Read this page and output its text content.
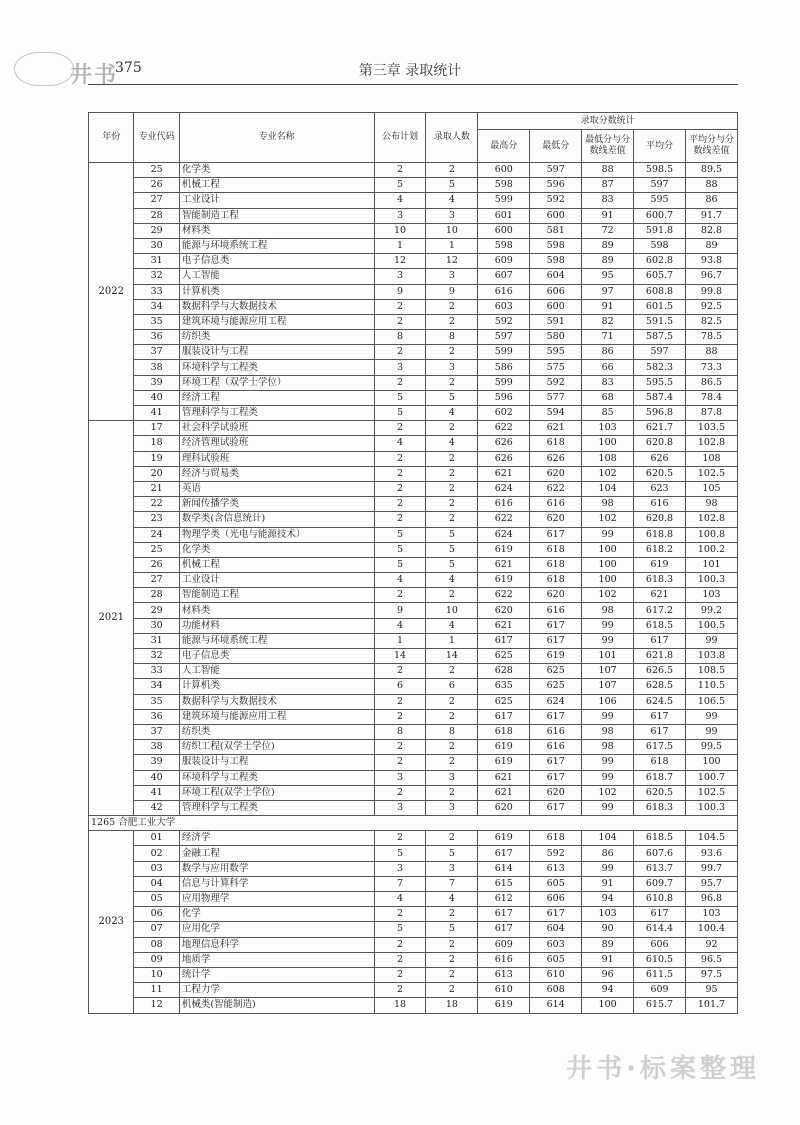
井书
375	第三章 录取统计
年份	专业代码	专业名称	公布计划	录取人数	录取分数统计				
					最高分	最低分	最低分与分数线差值	平均分	平均分与分数线差值
2022	25	化学类	2	2	600	597	88	598.5	89.5
	26	机械工程	5	5	598	596	87	597	88
	27	工业设计	4	4	599	592	83	595	86
	28	智能制造工程	3	3	601	600	91	600.7	91.7
	29	材料类	10	10	600	581	72	591.8	82.8
	30	能源与环境系统工程	1	1	598	598	89	598	89
	31	电子信息类	12	12	609	598	89	602.8	93.8
	32	人工智能	3	3	607	604	95	605.7	96.7
	33	计算机类	9	9	616	606	97	608.8	99.8
	34	数据科学与大数据技术	2	2	603	600	91	601.5	92.5
	35	建筑环境与能源应用工程	2	2	592	591	82	591.5	82.5
	36	纺织类	8	8	597	580	71	587.5	78.5
	37	服装设计与工程	2	2	599	595	86	597	88
	38	环境科学与工程类	3	3	586	575	66	582.3	73.3
	39	环境工程（双学士学位）	2	2	599	592	83	595.5	86.5
	40	经济工程	5	5	596	577	68	587.4	78.4
	41	管理科学与工程类	5	4	602	594	85	596.8	87.8
2021	17	社会科学试验班	2	2	622	621	103	621.7	103.5
	18	经济管理试验班	4	4	626	618	100	620.8	102.8
	19	理科试验班	2	2	626	626	108	626	108
	20	经济与贸易类	2	2	621	620	102	620.5	102.5
	21	英语	2	2	624	622	104	623	105
	22	新闻传播学类	2	2	616	616	98	616	98
	23	数学类(含信息统计)	2	2	622	620	102	620.8	102.8
	24	物理学类（光电与能源技术）	5	5	624	617	99	618.8	100.8
	25	化学类	5	5	619	618	100	618.2	100.2
	26	机械工程	5	5	621	618	100	619	101
	27	工业设计	4	4	619	618	100	618.3	100.3
	28	智能制造工程	2	2	622	620	102	621	103
	29	材料类	9	10	620	616	98	617.2	99.2
	30	功能材料	4	4	621	617	99	618.5	100.5
	31	能源与环境系统工程	1	1	617	617	99	617	99
	32	电子信息类	14	14	625	619	101	621.8	103.8
	33	人工智能	2	2	628	625	107	626.5	108.5
	34	计算机类	6	6	635	625	107	628.5	110.5
	35	数据科学与大数据技术	2	2	625	624	106	624.5	106.5
	36	建筑环境与能源应用工程	2	2	617	617	99	617	99
	37	纺织类	8	8	618	616	98	617	99
	38	纺织工程(双学士学位)	2	2	619	616	98	617.5	99.5
	39	服装设计与工程	2	2	619	617	99	618	100
	40	环境科学与工程类	3	3	621	617	99	618.7	100.7
	41	环境工程(双学士学位)	2	2	621	620	102	620.5	102.5
	42	管理科学与工程类	3	3	620	617	99	618.3	100.3
1265 合肥工业大学									
2023	01	经济学	2	2	619	618	104	618.5	104.5
	02	金融工程	5	5	617	592	86	607.6	93.6
	03	数学与应用数学	3	3	614	613	99	613.7	99.7
	04	信息与计算科学	7	7	615	605	91	609.7	95.7
	05	应用物理学	4	4	612	606	94	610.8	96.8
	06	化学	2	2	617	617	103	617	103
	07	应用化学	5	5	617	604	90	614.4	100.4
	08	地理信息科学	2	2	609	603	89	606	92
	09	地质学	2	2	616	605	91	610.5	96.5
	10	统计学	2	2	613	610	96	611.5	97.5
	11	工程力学	2	2	610	608	94	609	95
	12	机械类(智能制造)	18	18	619	614	100	615.7	101.7
井书·标案整理
